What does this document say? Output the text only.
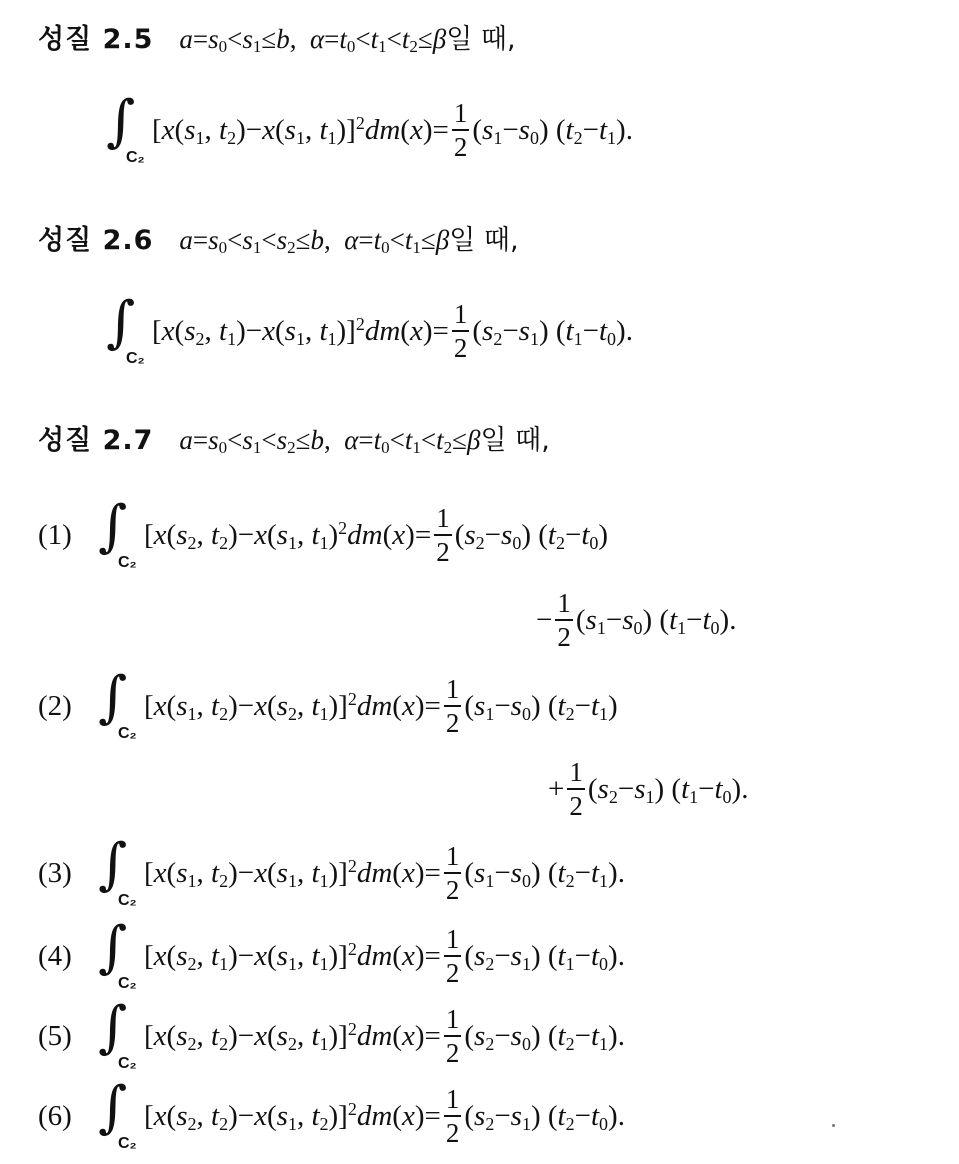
성질 2.5 $a=s_0<s_1\le b$,  $\alpha=t_0<t_1<t_2\le\beta$일 때,
∫
C₂
[$x(s_1$, $t_2)-x(s_1$, $t_1)]^2dm(x)= \frac{1}{2} (s_1-s_0)$ $(t_2-t_1)$.
성질 2.6 $a=s_0<s_1<s_2\le b$,  $\alpha=t_0<t_1\le\beta$일 때,
∫
C₂
[$x(s_2$, $t_1)-x(s_1$, $t_1)]^2dm(x)= \frac{1}{2} (s_2-s_1)$ $(t_1-t_0)$.
성질 2.7 $a=s_0<s_1<s_2\le b$,  $\alpha=t_0<t_1<t_2\le\beta$일 때,
(1) ∫
C₂
[$x(s_2$, $t_2)-x(s_1$, $t_1)^2dm(x)= \frac{1}{2} (s_2-s_0)$ $(t_2-t_0)$
− $\frac{1}{2} (s_1-s_0)$ $(t_1-t_0)$.
(2) ∫
C₂
[$x(s_1$, $t_2)-x(s_2$, $t_1)]^2dm(x)= \frac{1}{2} (s_1-s_0)$ $(t_2-t_1)$
+ $\frac{1}{2} (s_2-s_1)$ $(t_1-t_0)$.
(3) ∫
C₂
[$x(s_1$, $t_2)-x(s_1$, $t_1)]^2dm(x)= \frac{1}{2} (s_1-s_0)$ $(t_2-t_1)$.
(4) ∫
C₂
[$x(s_2$, $t_1)-x(s_1$, $t_1)]^2dm(x)= \frac{1}{2} (s_2-s_1)$ $(t_1-t_0)$.
(5) ∫
C₂
[$x(s_2$, $t_2)-x(s_2$, $t_1)]^2dm(x)= \frac{1}{2} (s_2-s_0)$ $(t_2-t_1)$.
(6) ∫
C₂
[$x(s_2$, $t_2)-x(s_1$, $t_2)]^2dm(x)= \frac{1}{2} (s_2-s_1)$ $(t_2-t_0)$.
